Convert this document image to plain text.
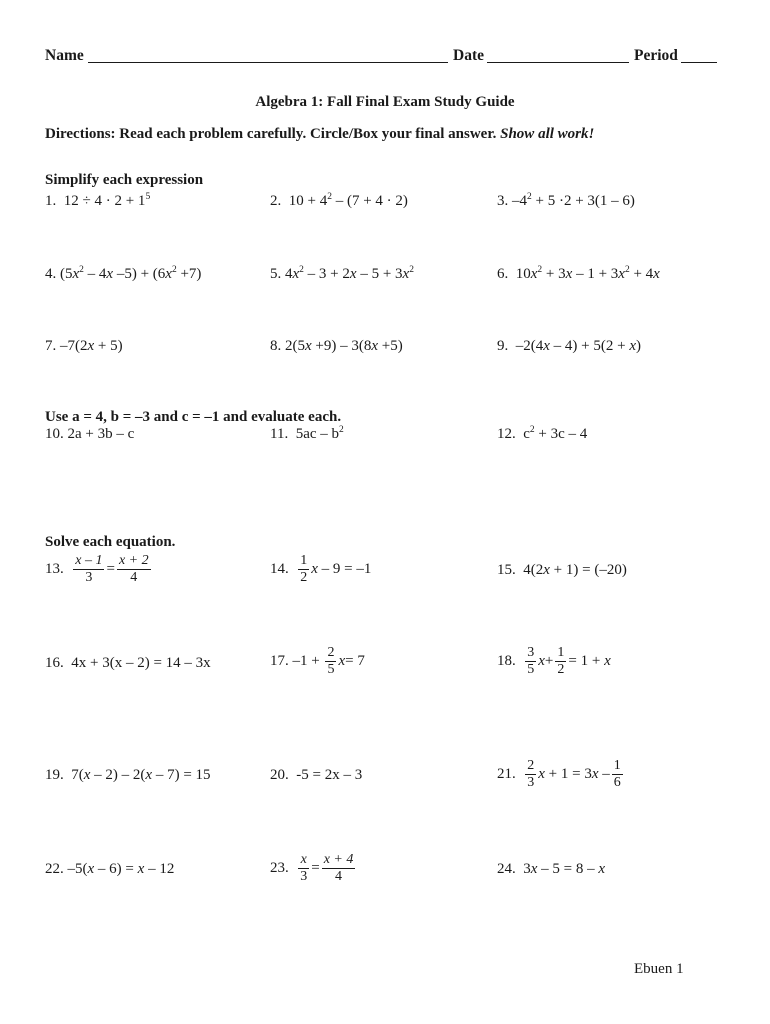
Name	Date	Period
Algebra 1: Fall Final Exam Study Guide
Directions: Read each problem carefully. Circle/Box your final answer. Show all work!
Simplify each expression
1. $12 \div 4 \cdot 2 + 1^5$	2. $10 + 4^2 - (7 + 4 \cdot 2)$	3. $-4^2 + 5 \cdot 2 + 3(1 - 6)$
4. ($5x^2 - 4x$ $-5) + (6x^2 +7)$	5. $4x^2 - 3 + 2x - 5 + 3x^2$	6. $10x^2 + 3x - 1 + 3x^2 + 4x$
7. –7(2x + 5)	8. 2(5x +9) – 3(8x +5)	9. –2(4x – 4) + 5(2 + x)
Use a = 4, b = –3 and c = –1 and evaluate each.
10. 2a + 3b – c	11. $5ac - b^2$	12. $c^2 + 3c - 4$
Solve each equation.
13. $\frac{x - 1}{3} = \frac{x + 2}{4}$	14. $\frac{1}{2}$ x – 9 = –1	15. 4(2x + 1) = (–20)
16. 4x + 3(x – 2) = 14 – 3x	17. $-1 + \frac{2}{5} x= 7$	18. $\frac{3}{5} x+ \frac{1}{2} = 1 + x$
19. 7(x – 2) – 2(x – 7) = 15	20. -5 = 2x – 3	21. $\frac{2}{3}$ $x + 1 = 3x - \frac{1}{6}$
22. –5(x – 6) = x – 12	23. $\frac{x}{3} = \frac{x + 4}{4}$	24. 3x – 5 = 8 – x
Ebuen 1
